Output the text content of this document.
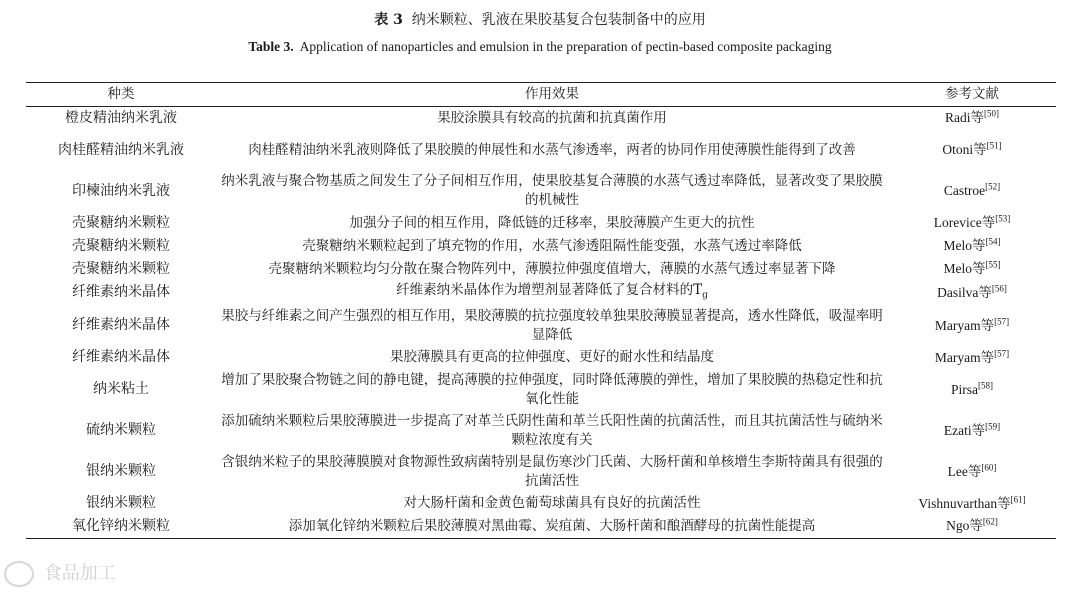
表 3 纳米颗粒、乳液在果胶基复合包装制备中的应用
Table 3. Application of nanoparticles and emulsion in the preparation of pectin-based composite packaging
种类	作用效果	参考文献
橙皮精油纳米乳液	果胶涂膜具有较高的抗菌和抗真菌作用	Radi等[50]
肉桂醛精油纳米乳液	肉桂醛精油纳米乳液则降低了果胶膜的伸展性和水蒸气渗透率，两者的协同作用使薄膜性能得到了改善	Otoni等[51]
印楝油纳米乳液	纳米乳液与聚合物基质之间发生了分子间相互作用，使果胶基复合薄膜的水蒸气透过率降低，显著改变了果胶膜的机械性	Castroe[52]
壳聚糖纳米颗粒	加强分子间的相互作用，降低链的迁移率，果胶薄膜产生更大的抗性	Lorevice等[53]
壳聚糖纳米颗粒	壳聚糖纳米颗粒起到了填充物的作用，水蒸气渗透阻隔性能变强，水蒸气透过率降低	Melo等[54]
壳聚糖纳米颗粒	壳聚糖纳米颗粒均匀分散在聚合物阵列中，薄膜拉伸强度值增大，薄膜的水蒸气透过率显著下降	Melo等[55]
纤维素纳米晶体	纤维素纳米晶体作为增塑剂显著降低了复合材料的$T_g$	Dasilva等[56]
纤维素纳米晶体	果胶与纤维素之间产生强烈的相互作用，果胶薄膜的抗拉强度较单独果胶薄膜显著提高，透水性降低，吸湿率明显降低	Maryam等[57]
纤维素纳米晶体	果胶薄膜具有更高的拉伸强度、更好的耐水性和结晶度	Maryam等[57]
纳米粘土	增加了果胶聚合物链之间的静电键，提高薄膜的拉伸强度，同时降低薄膜的弹性，增加了果胶膜的热稳定性和抗氧化性能	Pirsa[58]
硫纳米颗粒	添加硫纳米颗粒后果胶薄膜进一步提高了对革兰氏阴性菌和革兰氏阳性菌的抗菌活性，而且其抗菌活性与硫纳米颗粒浓度有关	Ezati等[59]
银纳米颗粒	含银纳米粒子的果胶薄膜膜对食物源性致病菌特别是鼠伤寒沙门氏菌、大肠杆菌和单核增生李斯特菌具有很强的抗菌活性	Lee等[60]
银纳米颗粒	对大肠杆菌和金黄色葡萄球菌具有良好的抗菌活性	Vishnuvarthan等[61]
氧化锌纳米颗粒	添加氧化锌纳米颗粒后果胶薄膜对黑曲霉、炭疽菌、大肠杆菌和酿酒酵母的抗菌性能提高	Ngo等[62]
食品加工
